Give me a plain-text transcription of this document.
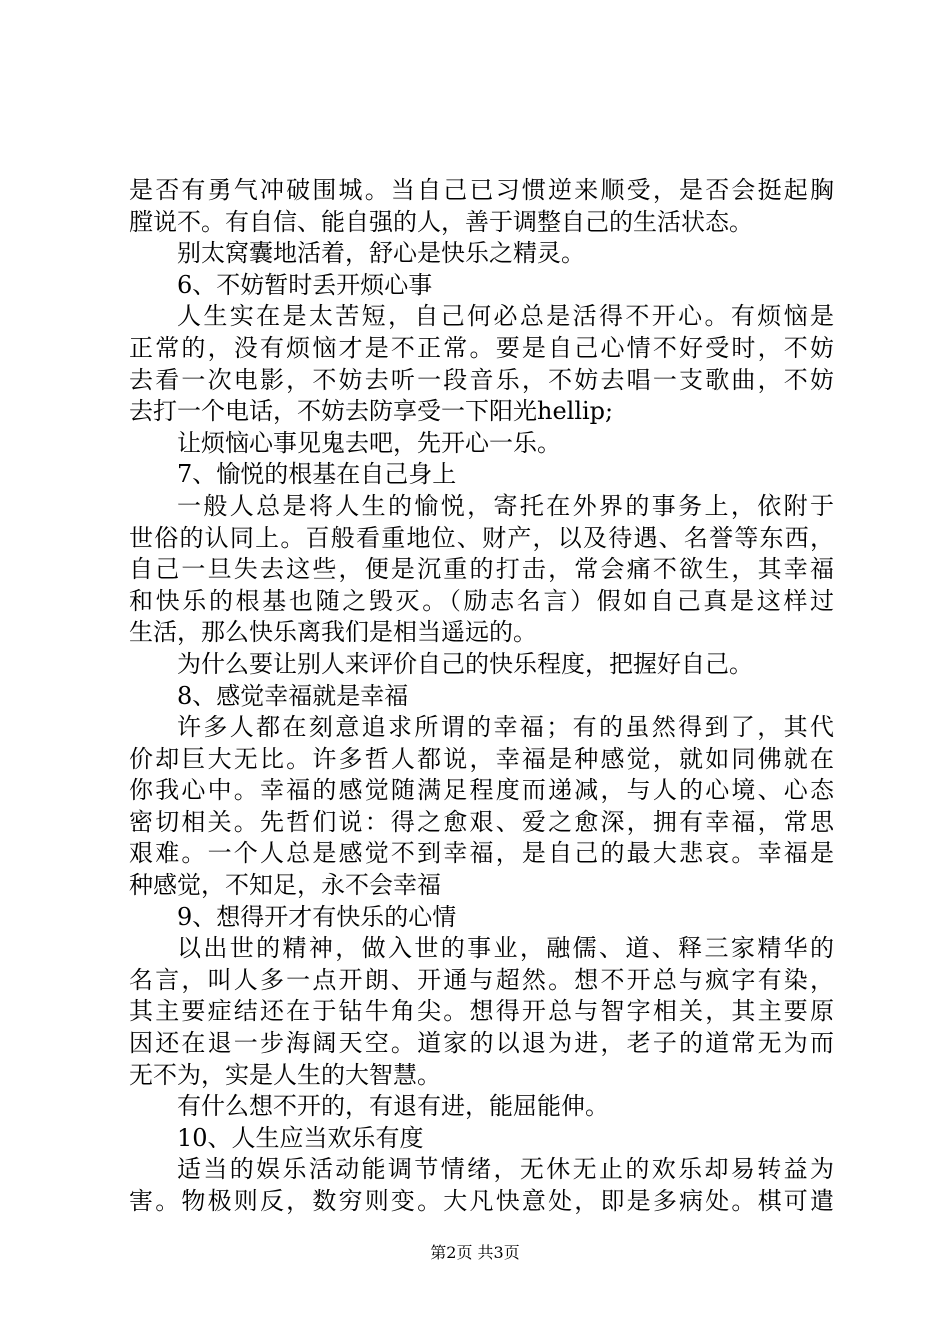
是否有勇气冲破围城。当自己已习惯逆来顺受，是否会挺起胸
膛说不。有自信、能自强的人，善于调整自己的生活状态。
别太窝囊地活着，舒心是快乐之精灵。
6、不妨暂时丢开烦心事
人生实在是太苦短，自己何必总是活得不开心。有烦恼是
正常的，没有烦恼才是不正常。要是自己心情不好受时，不妨
去看一次电影，不妨去听一段音乐，不妨去唱一支歌曲，不妨
去打一个电话，不妨去防享受一下阳光hellip;
让烦恼心事见鬼去吧，先开心一乐。
7、愉悦的根基在自己身上
一般人总是将人生的愉悦，寄托在外界的事务上，依附于
世俗的认同上。百般看重地位、财产，以及待遇、名誉等东西，
自己一旦失去这些，便是沉重的打击，常会痛不欲生，其幸福
和快乐的根基也随之毁灭。（励志名言）假如自己真是这样过
生活，那么快乐离我们是相当遥远的。
为什么要让别人来评价自己的快乐程度，把握好自己。
8、感觉幸福就是幸福
许多人都在刻意追求所谓的幸福；有的虽然得到了，其代
价却巨大无比。许多哲人都说，幸福是种感觉，就如同佛就在
你我心中。幸福的感觉随满足程度而递减，与人的心境、心态
密切相关。先哲们说：得之愈艰、爱之愈深，拥有幸福，常思
艰难。一个人总是感觉不到幸福，是自己的最大悲哀。幸福是
种感觉，不知足，永不会幸福
9、想得开才有快乐的心情
以出世的精神，做入世的事业，融儒、道、释三家精华的
名言，叫人多一点开朗、开通与超然。想不开总与疯字有染，
其主要症结还在于钻牛角尖。想得开总与智字相关，其主要原
因还在退一步海阔天空。道家的以退为进，老子的道常无为而
无不为，实是人生的大智慧。
有什么想不开的，有退有进，能屈能伸。
10、人生应当欢乐有度
适当的娱乐活动能调节情绪，无休无止的欢乐却易转益为
害。物极则反，数穷则变。大凡快意处，即是多病处。棋可遣
第2页 共3页
